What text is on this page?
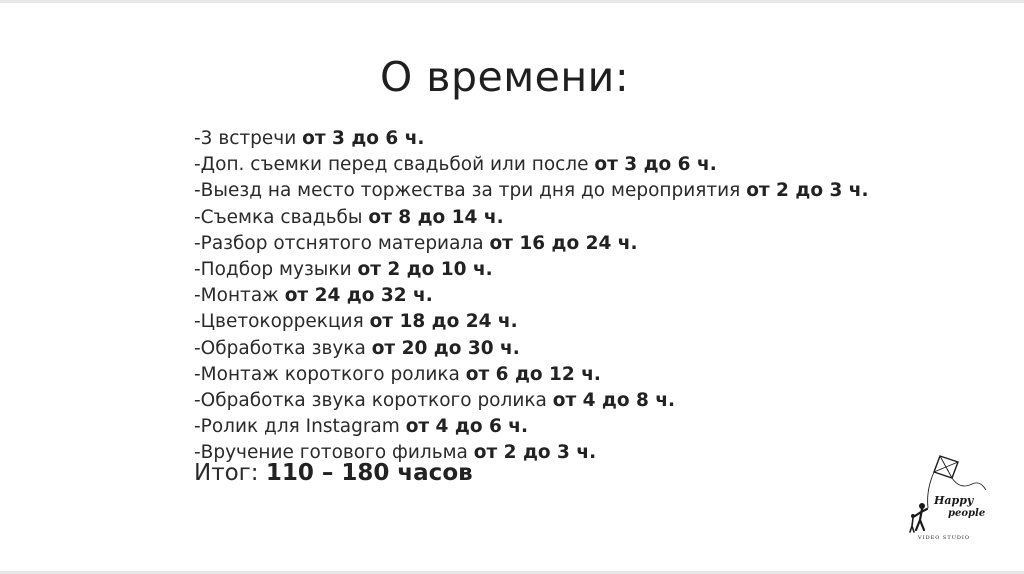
О времени:
-3 встречи от 3 до 6 ч.
-Доп. съемки перед свадьбой или после от 3 до 6 ч.
-Выезд на место торжества за три дня до мероприятия от 2 до 3 ч.
-Съемка свадьбы от 8 до 14 ч.
-Разбор отснятого материала от 16 до 24 ч.
-Подбор музыки от 2 до 10 ч.
-Монтаж от 24 до 32 ч.
-Цветокоррекция от 18 до 24 ч.
-Обработка звука от 20 до 30 ч.
-Монтаж короткого ролика от 6 до 12 ч.
-Обработка звука короткого ролика от 4 до 8 ч.
-Ролик для Instagram от 4 до 6 ч.
-Вручение готового фильма от 2 до 3 ч.
Итог: 110 – 180 часов
Happy
people
VIDEO STUDIO
